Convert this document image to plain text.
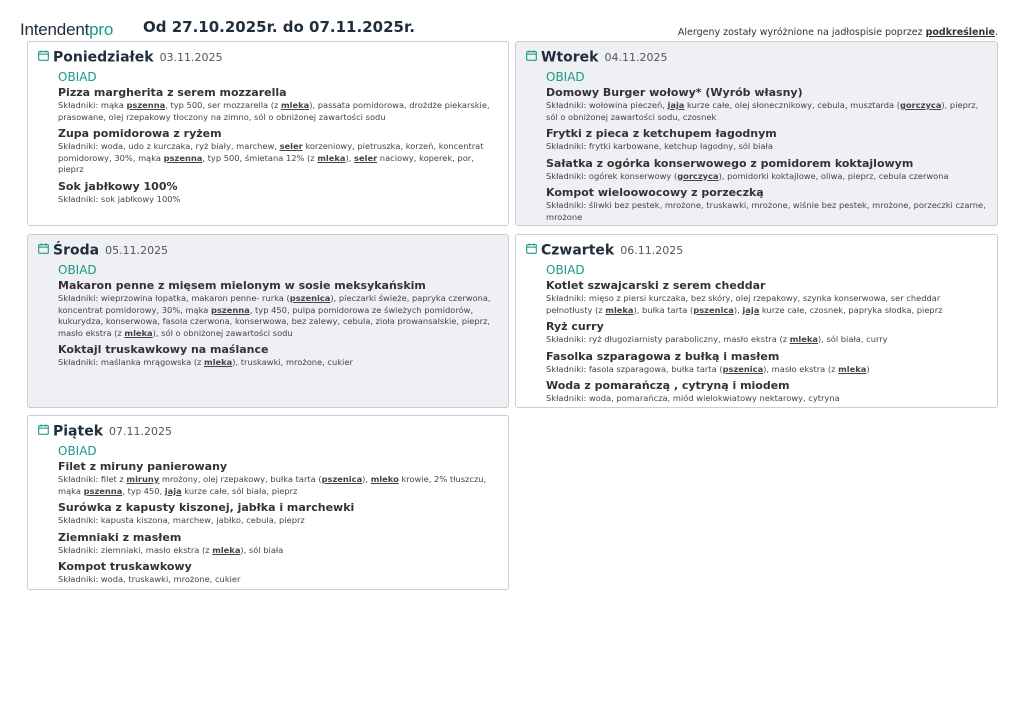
Intendentpro Od 27.10.2025r. do 07.11.2025r.	Alergeny zostały wyróżnione na jadłospisie poprzez podkreślenie.
Poniedziałek 03.11.2025
OBIAD
Pizza margherita z serem mozzarella
Składniki: mąka pszenna, typ 500, ser mozzarella (z mleka), passata pomidorowa, drożdże piekarskie, prasowane, olej rzepakowy tłoczony na zimno, sól o obniżonej zawartości sodu
Zupa pomidorowa z ryżem
Składniki: woda, udo z kurczaka, ryż biały, marchew, seler korzeniowy, pietruszka, korzeń, koncentrat pomidorowy, 30%, mąka pszenna, typ 500, śmietana 12% (z mleka), seler naciowy, koperek, por, pieprz
Sok jabłkowy 100%
Składniki: sok jabłkowy 100%
Wtorek 04.11.2025
OBIAD
Domowy Burger wołowy* (Wyrób własny)
Składniki: wołowina pieczeń, jaja kurze całe, olej słonecznikowy, cebula, musztarda (gorczyca), pieprz, sól o obniżonej zawartości sodu, czosnek
Frytki z pieca z ketchupem łagodnym
Składniki: frytki karbowane, ketchup łagodny, sól biała
Sałatka z ogórka konserwowego z pomidorem koktajlowym
Składniki: ogórek konserwowy (gorczyca), pomidorki koktajlowe, oliwa, pieprz, cebula czerwona
Kompot wieloowocowy z porzeczką
Składniki: śliwki bez pestek, mrożone, truskawki, mrożone, wiśnie bez pestek, mrożone, porzeczki czarne, mrożone
Środa 05.11.2025
OBIAD
Makaron penne z mięsem mielonym w sosie meksykańskim
Składniki: wieprzowina łopatka, makaron penne- rurka (pszenica), pieczarki świeże, papryka czerwona, koncentrat pomidorowy, 30%, mąka pszenna, typ 450, pulpa pomidorowa ze świeżych pomidorów, kukurydza, konserwowa, fasola czerwona, konserwowa, bez zalewy, cebula, zioła prowansalskie, pieprz, masło ekstra (z mleka), sól o obniżonej zawartości sodu
Koktajl truskawkowy na maślance
Składniki: maślanka mrągowska (z mleka), truskawki, mrożone, cukier
Czwartek 06.11.2025
OBIAD
Kotlet szwajcarski z serem cheddar
Składniki: mięso z piersi kurczaka, bez skóry, olej rzepakowy, szynka konserwowa, ser cheddar pełnotłusty (z mleka), bułka tarta (pszenica), jaja kurze całe, czosnek, papryka słodka, pieprz
Ryż curry
Składniki: ryż długoziarnisty paraboliczny, masło ekstra (z mleka), sól biała, curry
Fasolka szparagowa z bułką i masłem
Składniki: fasola szparagowa, bułka tarta (pszenica), masło ekstra (z mleka)
Woda z pomarańczą , cytryną i miodem
Składniki: woda, pomarańcza, miód wielokwiatowy nektarowy, cytryna
Piątek 07.11.2025
OBIAD
Filet z miruny panierowany
Składniki: filet z miruny mrożony, olej rzepakowy, bułka tarta (pszenica), mleko krowie, 2% tłuszczu, mąka pszenna, typ 450, jaja kurze całe, sól biała, pieprz
Surówka z kapusty kiszonej, jabłka i marchewki
Składniki: kapusta kiszona, marchew, jabłko, cebula, pieprz
Ziemniaki z masłem
Składniki: ziemniaki, masło ekstra (z mleka), sól biała
Kompot truskawkowy
Składniki: woda, truskawki, mrożone, cukier
